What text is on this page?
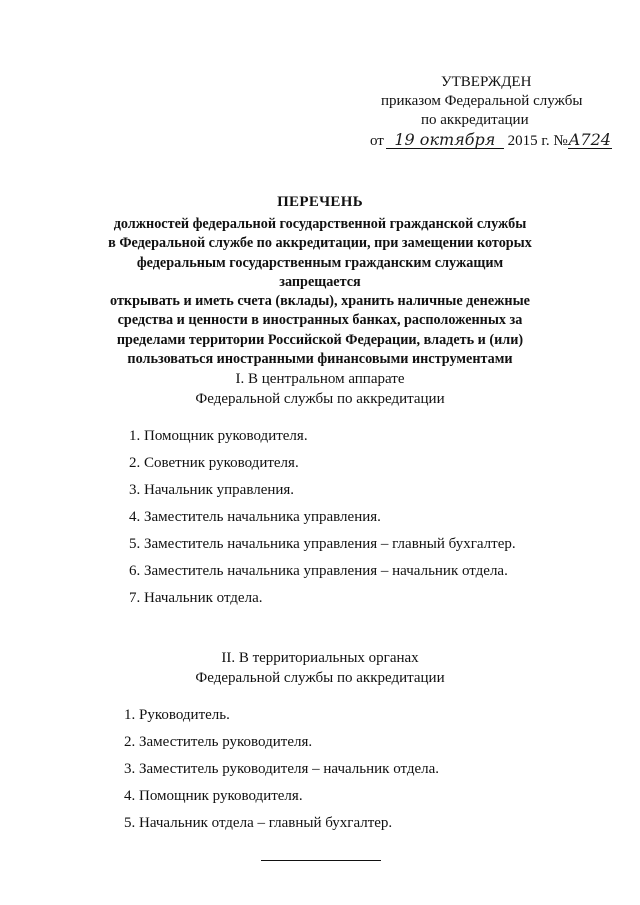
УТВЕРЖДЕН
приказом Федеральной службы
по аккредитации
от 19 октября 2015 г. №А724
ПЕРЕЧЕНЬ
должностей федеральной государственной гражданской службы
в Федеральной службе по аккредитации, при замещении которых
федеральным государственным гражданским служащим запрещается
открывать и иметь счета (вклады), хранить наличные денежные
средства и ценности в иностранных банках, расположенных за
пределами территории Российской Федерации, владеть и (или)
пользоваться иностранными финансовыми инструментами
I. В центральном аппарате
Федеральной службы по аккредитации
1. Помощник руководителя.
2. Советник руководителя.
3. Начальник управления.
4. Заместитель начальника управления.
5. Заместитель начальника управления – главный бухгалтер.
6. Заместитель начальника управления – начальник отдела.
7. Начальник отдела.
II. В территориальных органах
Федеральной службы по аккредитации
1. Руководитель.
2. Заместитель руководителя.
3. Заместитель руководителя – начальник отдела.
4. Помощник руководителя.
5. Начальник отдела – главный бухгалтер.
